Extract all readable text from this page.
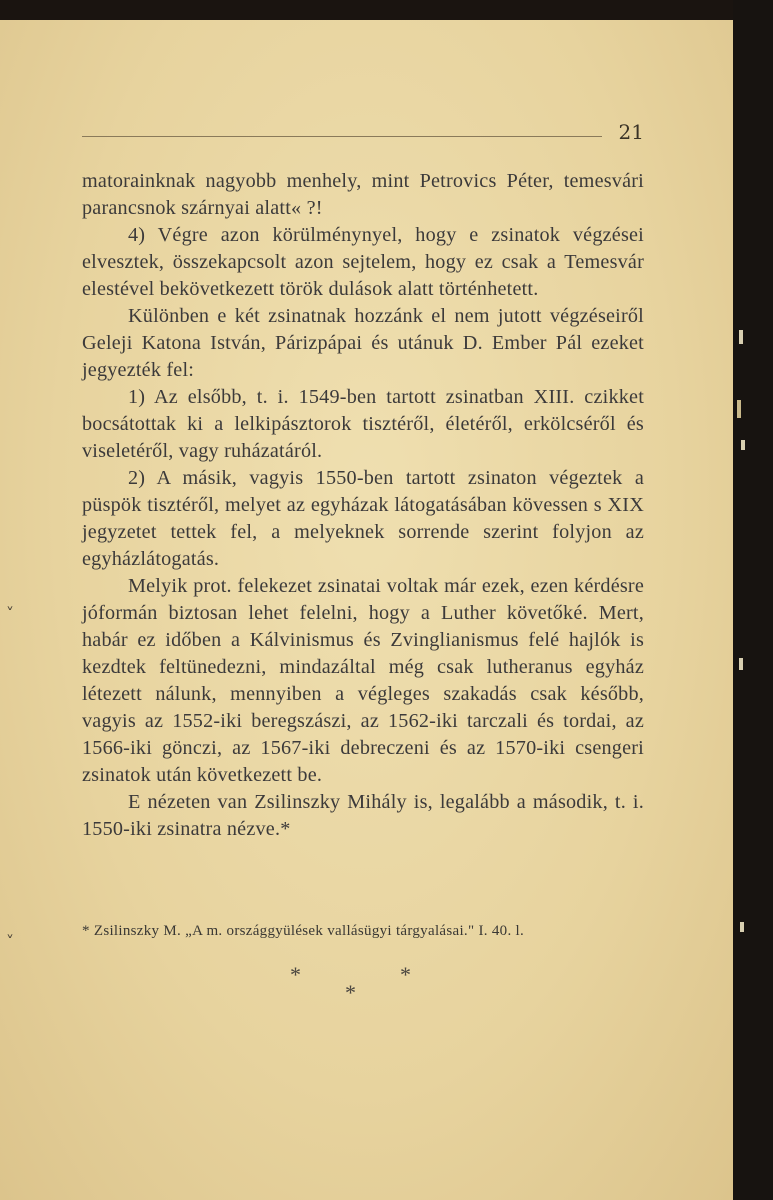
21

matorainknak nagyobb menhely, mint Petrovics Péter, temesvári parancsnok szárnyai alatt« ?!

4) Végre azon körülménynyel, hogy e zsinatok végzései elvesztek, összekapcsolt azon sejtelem, hogy ez csak a Temesvár elestével bekövetkezett török dulások alatt történhetett.

Különben e két zsinatnak hozzánk el nem jutott végzéseiről Geleji Katona István, Párizpápai és utánuk D. Ember Pál ezeket jegyezték fel:

1) Az elsőbb, t. i. 1549-ben tartott zsinatban XIII. czikket bocsátottak ki a lelkipásztorok tisztéről, életéről, erkölcséről és viseletéről, vagy ruházatáról.

2) A másik, vagyis 1550-ben tartott zsinaton végeztek a püspök tisztéről, melyet az egyházak látogatásában kövessen s XIX jegyzetet tettek fel, a melyeknek sorrende szerint folyjon az egyházlátogatás.

Melyik prot. felekezet zsinatai voltak már ezek, ezen kérdésre jóformán biztosan lehet felelni, hogy a Luther követőké. Mert, habár ez időben a Kálvinismus és Zvinglianismus felé hajlók is kezdtek feltünedezni, mindazáltal még csak lutheranus egyház létezett nálunk, mennyiben a végleges szakadás csak később, vagyis az 1552-iki beregszászi, az 1562-iki tarczali és tordai, az 1566-iki gönczi, az 1567-iki debreczeni és az 1570-iki csengeri zsinatok után következett be.

E nézeten van Zsilinszky Mihály is, legalább a második, t. i. 1550-iki zsinatra nézve.*

* Zsilinszky M. „A m. országgyülések vallásügyi tárgyalásai." I. 40. l.
*	*
*
˅
˅
